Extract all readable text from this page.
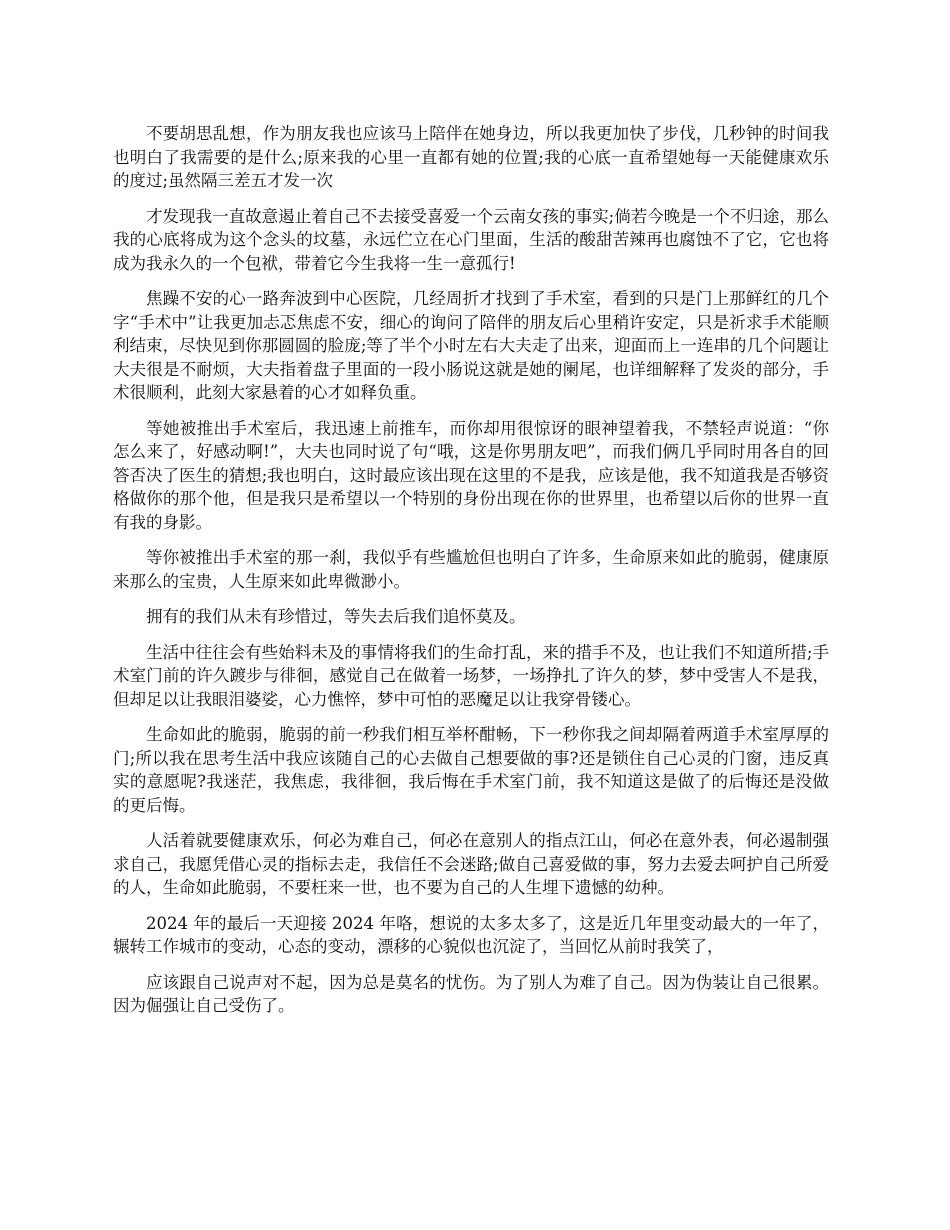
不要胡思乱想，作为朋友我也应该马上陪伴在她身边，所以我更加快了步伐，几秒钟的时间我也明白了我需要的是什么;原来我的心里一直都有她的位置;我的心底一直希望她每一天能健康欢乐的度过;虽然隔三差五才发一次

才发现我一直故意遏止着自己不去接受喜爱一个云南女孩的事实;倘若今晚是一个不归途，那么我的心底将成为这个念头的坟墓，永远伫立在心门里面，生活的酸甜苦辣再也腐蚀不了它，它也将成为我永久的一个包袱，带着它今生我将一生一意孤行!

焦躁不安的心一路奔波到中心医院，几经周折才找到了手术室，看到的只是门上那鲜红的几个字“手术中”让我更加忐忑焦虑不安，细心的询问了陪伴的朋友后心里稍许安定，只是祈求手术能顺利结束，尽快见到你那圆圆的脸庞;等了半个小时左右大夫走了出来，迎面而上一连串的几个问题让大夫很是不耐烦，大夫指着盘子里面的一段小肠说这就是她的阑尾，也详细解释了发炎的部分，手术很顺利，此刻大家悬着的心才如释负重。

等她被推出手术室后，我迅速上前推车，而你却用很惊讶的眼神望着我，不禁轻声说道：“你怎么来了，好感动啊!”，大夫也同时说了句“哦，这是你男朋友吧”，而我们俩几乎同时用各自的回答否决了医生的猜想;我也明白，这时最应该出现在这里的不是我，应该是他，我不知道我是否够资格做你的那个他，但是我只是希望以一个特别的身份出现在你的世界里，也希望以后你的世界一直有我的身影。

等你被推出手术室的那一刹，我似乎有些尴尬但也明白了许多，生命原来如此的脆弱，健康原来那么的宝贵，人生原来如此卑微渺小。

拥有的我们从未有珍惜过，等失去后我们追怀莫及。

生活中往往会有些始料未及的事情将我们的生命打乱，来的措手不及，也让我们不知道所措;手术室门前的许久踱步与徘徊，感觉自己在做着一场梦，一场挣扎了许久的梦，梦中受害人不是我，但却足以让我眼泪婆娑，心力憔悴，梦中可怕的恶魔足以让我穿骨镂心。

生命如此的脆弱，脆弱的前一秒我们相互举杯酣畅，下一秒你我之间却隔着两道手术室厚厚的门;所以我在思考生活中我应该随自己的心去做自己想要做的事?还是锁住自己心灵的门窗，违反真实的意愿呢?我迷茫，我焦虑，我徘徊，我后悔在手术室门前，我不知道这是做了的后悔还是没做的更后悔。

人活着就要健康欢乐，何必为难自己，何必在意别人的指点江山，何必在意外表，何必遏制强求自己，我愿凭借心灵的指标去走，我信任不会迷路;做自己喜爱做的事，努力去爱去呵护自己所爱的人，生命如此脆弱，不要枉来一世，也不要为自己的人生埋下遗憾的幼种。

2024 年的最后一天迎接 2024 年咯，想说的太多太多了，这是近几年里变动最大的一年了，辗转工作城市的变动，心态的变动，漂移的心貌似也沉淀了，当回忆从前时我笑了，

应该跟自己说声对不起，因为总是莫名的忧伤。为了别人为难了自己。因为伪装让自己很累。因为倔强让自己受伤了。
